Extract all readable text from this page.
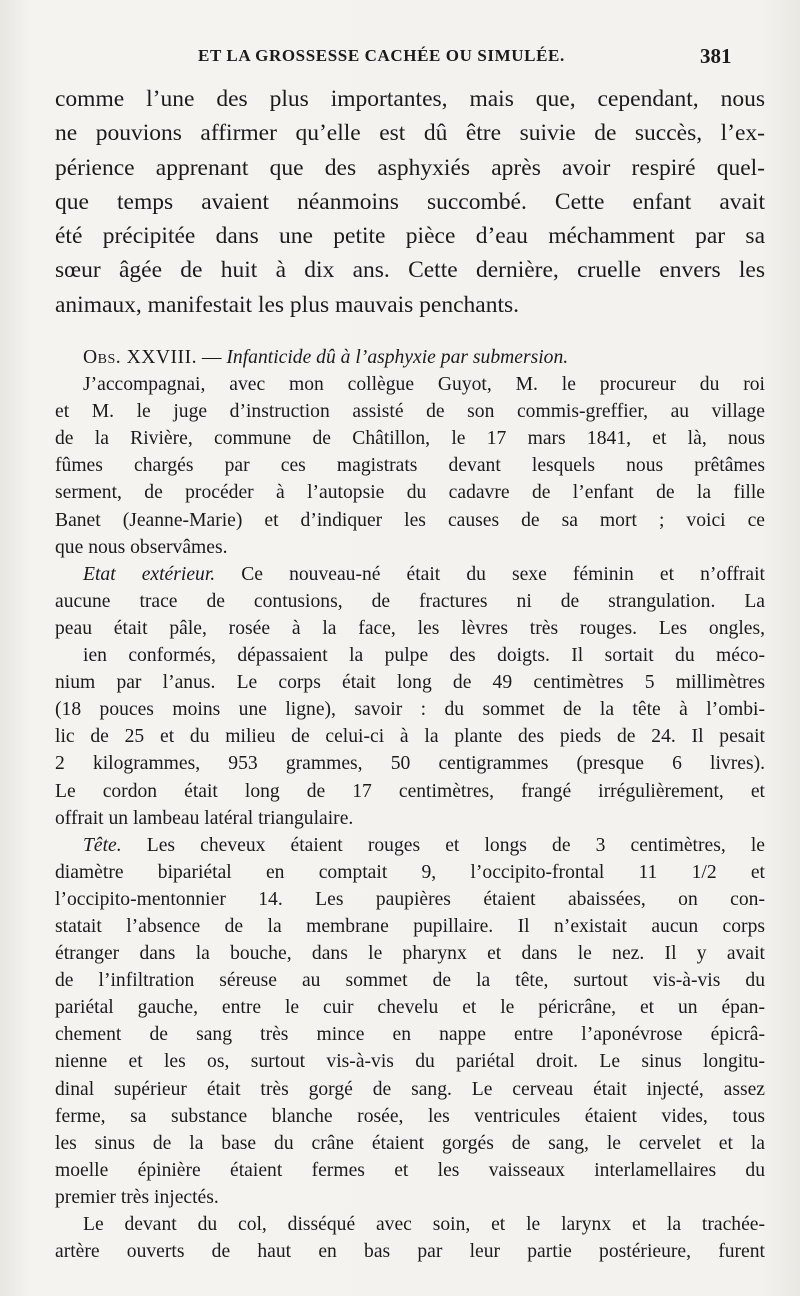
ET LA GROSSESSE CACHÉE OU SIMULÉE.	381

comme l’une des plus importantes, mais que, cependant, nous

ne pouvions affirmer qu’elle est dû être suivie de succès, l’ex-

périence apprenant que des asphyxiés après avoir respiré quel-

que temps avaient néanmoins succombé. Cette enfant avait

été précipitée dans une petite pièce d’eau méchamment par sa

sœur âgée de huit à dix ans. Cette dernière, cruelle envers les

animaux, manifestait les plus mauvais penchants.

Obs. XXVIII. — Infanticide dû à l’asphyxie par submersion.

J’accompagnai, avec mon collègue Guyot, M. le procureur du roi

et M. le juge d’instruction assisté de son commis-greffier, au village

de la Rivière, commune de Châtillon, le 17 mars 1841, et là, nous

fûmes chargés par ces magistrats devant lesquels nous prêtâmes

serment, de procéder à l’autopsie du cadavre de l’enfant de la fille

Banet (Jeanne-Marie) et d’indiquer les causes de sa mort ; voici ce

que nous observâmes.

Etat extérieur. Ce nouveau-né était du sexe féminin et n’offrait

aucune trace de contusions, de fractures ni de strangulation. La

peau était pâle, rosée à la face, les lèvres très rouges. Les ongles,

ien conformés, dépassaient la pulpe des doigts. Il sortait du méco-

nium par l’anus. Le corps était long de 49 centimètres 5 millimètres

(18 pouces moins une ligne), savoir : du sommet de la tête à l’ombi-

lic de 25 et du milieu de celui-ci à la plante des pieds de 24. Il pesait

2 kilogrammes, 953 grammes, 50 centigrammes (presque 6 livres).

Le cordon était long de 17 centimètres, frangé irrégulièrement, et

offrait un lambeau latéral triangulaire.

Tête. Les cheveux étaient rouges et longs de 3 centimètres, le

diamètre bipariétal en comptait 9, l’occipito-frontal 11 1/2 et

l’occipito-mentonnier 14. Les paupières étaient abaissées, on con-

statait l’absence de la membrane pupillaire. Il n’existait aucun corps

étranger dans la bouche, dans le pharynx et dans le nez. Il y avait

de l’infiltration séreuse au sommet de la tête, surtout vis-à-vis du

pariétal gauche, entre le cuir chevelu et le péricrâne, et un épan-

chement de sang très mince en nappe entre l’aponévrose épicrâ-

nienne et les os, surtout vis-à-vis du pariétal droit. Le sinus longitu-

dinal supérieur était très gorgé de sang. Le cerveau était injecté, assez

ferme, sa substance blanche rosée, les ventricules étaient vides, tous

les sinus de la base du crâne étaient gorgés de sang, le cervelet et la

moelle épinière étaient fermes et les vaisseaux interlamellaires du

premier très injectés.

Le devant du col, disséqué avec soin, et le larynx et la trachée-

artère ouverts de haut en bas par leur partie postérieure, furent
